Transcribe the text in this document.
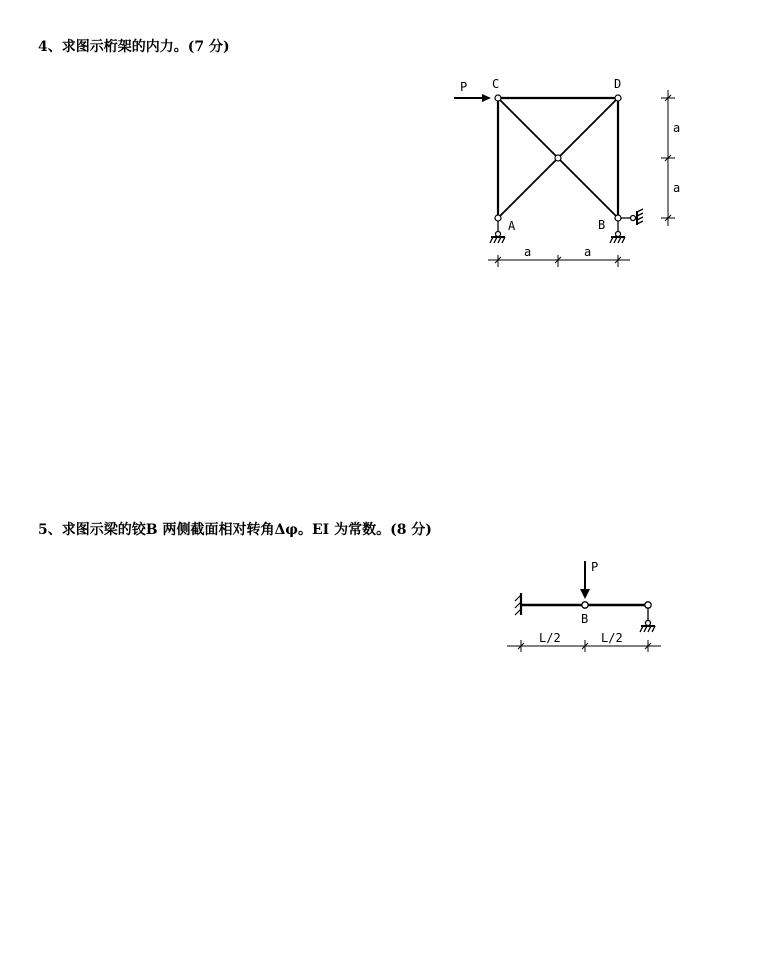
4、求图示桁架的内力。(7 分)
P C	D
A	B
a	a
a
a
5、求图示梁的铰B 两侧截面相对转角Δφ。EI 为常数。(8 分)
P
B
L/2	L/2
